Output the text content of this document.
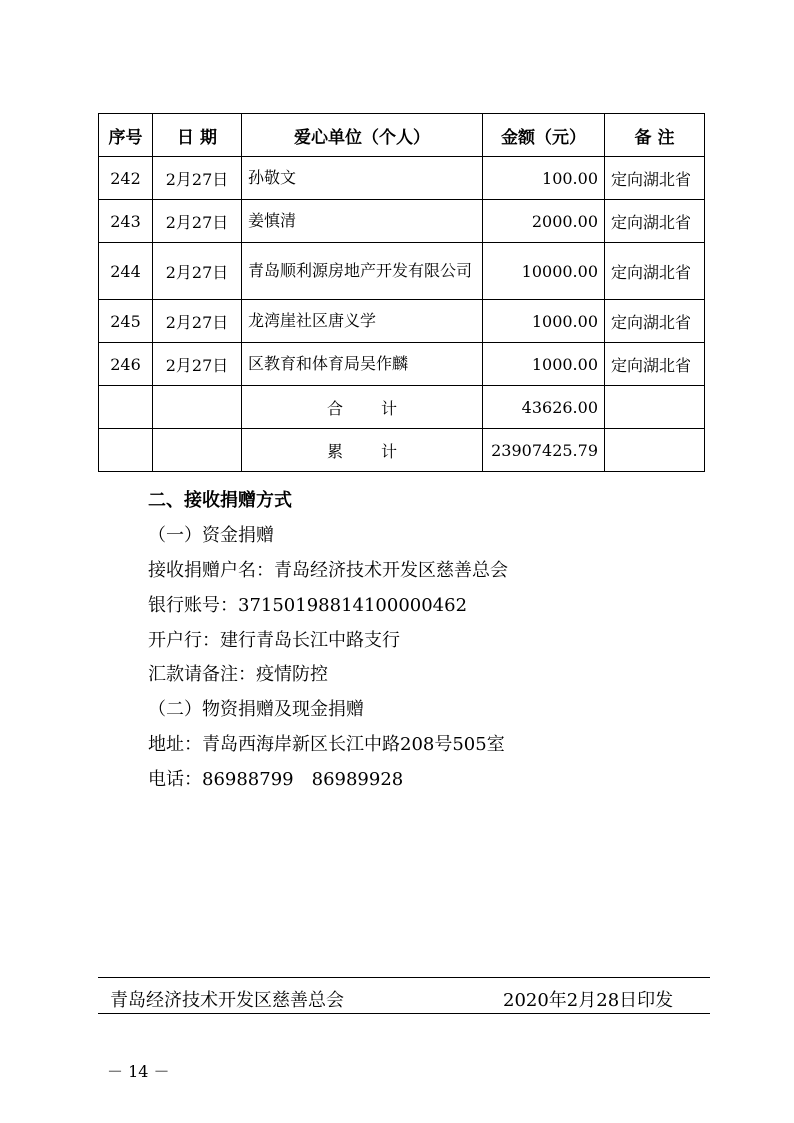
序号	日 期	爱心单位（个人）	金额（元）	备 注
242	2月27日	孙敬文	100.00	定向湖北省
243	2月27日	姜慎清	2000.00	定向湖北省
244	2月27日	青岛顺利源房地产开发有限公司	10000.00	定向湖北省
245	2月27日	龙湾崖社区唐义学	1000.00	定向湖北省
246	2月27日	区教育和体育局吴作麟	1000.00	定向湖北省
		合 计	43626.00	
		累 计	23907425.79	
二、接收捐赠方式
（一）资金捐赠
接收捐赠户名：青岛经济技术开发区慈善总会
银行账号：37150198814100000462
开户行：建行青岛长江中路支行
汇款请备注：疫情防控
（二）物资捐赠及现金捐赠
地址：青岛西海岸新区长江中路208号505室
电话：86988799　86989928
青岛经济技术开发区慈善总会	2020年2月28日印发
－ 14 －
